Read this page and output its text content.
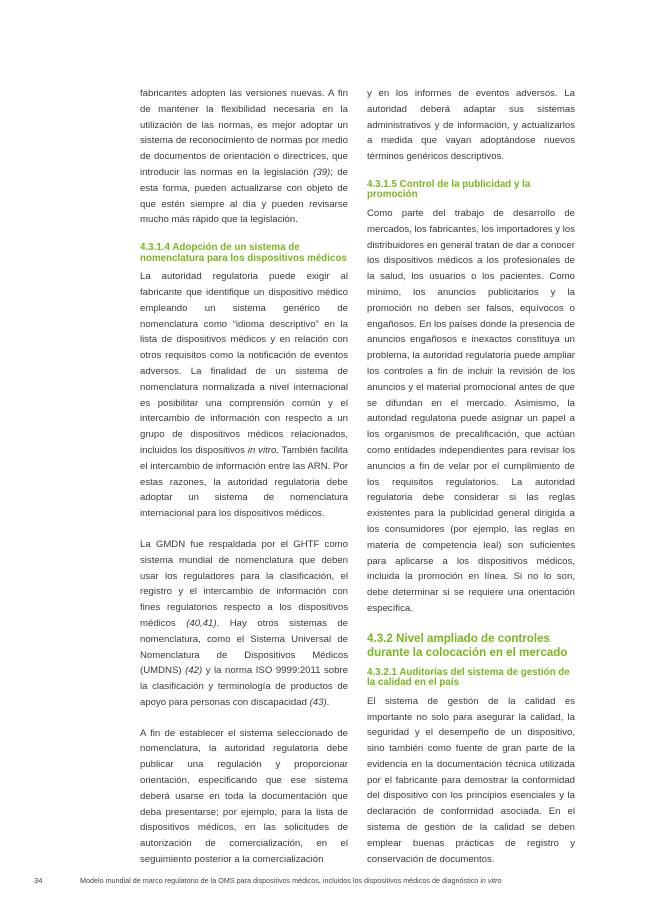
fabricantes adopten las versiones nuevas. A fin de mantener la flexibilidad necesaria en la utilización de las normas, es mejor adoptar un sistema de reconocimiento de normas por medio de documentos de orientación o directrices, que introducir las normas en la legislación (39); de esta forma, pueden actualizarse con objeto de que estén siempre al día y pueden revisarse mucho más rápido que la legislación.

4.3.1.4 Adopción de un sistema de nomenclatura para los dispositivos médicos

La autoridad regulatoria puede exigir al fabricante que identifique un dispositivo médico empleando un sistema genérico de nomenclatura como “idioma descriptivo” en la lista de dispositivos médicos y en relación con otros requisitos como la notificación de eventos adversos. La finalidad de un sistema de nomenclatura normalizada a nivel internacional es posibilitar una comprensión común y el intercambio de información con respecto a un grupo de dispositivos médicos relacionados, incluidos los dispositivos in vitro. También facilita el intercambio de información entre las ARN. Por estas razones, la autoridad regulatoria debe adoptar un sistema de nomenclatura internacional para los dispositivos médicos.

La GMDN fue respaldada por el GHTF como sistema mundial de nomenclatura que deben usar los reguladores para la clasificación, el registro y el intercambio de información con fines regulatorios respecto a los dispositivos médicos (40,41). Hay otros sistemas de nomenclatura, como el Sistema Universal de Nomenclatura de Dispositivos Médicos (UMDNS) (42) y la norma ISO 9999:2011 sobre la clasificación y terminología de productos de apoyo para personas con discapacidad (43).

A fin de establecer el sistema seleccionado de nomenclatura, la autoridad regulatoria debe publicar una regulación y proporcionar orientación, especificando que ese sistema deberá usarse en toda la documentación que deba presentarse; por ejemplo, para la lista de dispositivos médicos, en las solicitudes de autorización de comercialización, en el seguimiento posterior a la comercialización

y en los informes de eventos adversos. La autoridad deberá adaptar sus sistemas administrativos y de información, y actualizarlos a medida que vayan adoptándose nuevos términos genéricos descriptivos.

4.3.1.5 Control de la publicidad y la promoción

Como parte del trabajo de desarrollo de mercados, los fabricantes, los importadores y los distribuidores en general tratan de dar a conocer los dispositivos médicos a los profesionales de la salud, los usuarios o los pacientes. Como mínimo, los anuncios publicitarios y la promoción no deben ser falsos, equívocos o engañosos. En los países donde la presencia de anuncios engañosos e inexactos constituya un problema, la autoridad regulatoria puede ampliar los controles a fin de incluir la revisión de los anuncios y el material promocional antes de que se difundan en el mercado. Asimismo, la autoridad regulatoria puede asignar un papel a los organismos de precalificación, que actúan como entidades independientes para revisar los anuncios a fin de velar por el cumplimiento de los requisitos regulatorios. La autoridad regulatoria debe considerar si las reglas existentes para la publicidad general dirigida a los consumidores (por ejemplo, las reglas en materia de competencia leal) son suficientes para aplicarse a los dispositivos médicos, incluida la promoción en línea. Si no lo son, debe determinar si se requiere una orientación específica.

4.3.2 Nivel ampliado de controles durante la colocación en el mercado
4.3.2.1 Auditorías del sistema de gestión de la calidad en el país

El sistema de gestión de la calidad es importante no solo para asegurar la calidad, la seguridad y el desempeño de un dispositivo, sino también como fuente de gran parte de la evidencia en la documentación técnica utilizada por el fabricante para demostrar la conformidad del dispositivo con los principios esenciales y la declaración de conformidad asociada. En el sistema de gestión de la calidad se deben emplear buenas prácticas de registro y conservación de documentos.

34	Modelo mundial de marco regulatorio de la OMS para dispositivos médicos, incluidos los dispositivos médicos de diagnóstico in vitro
